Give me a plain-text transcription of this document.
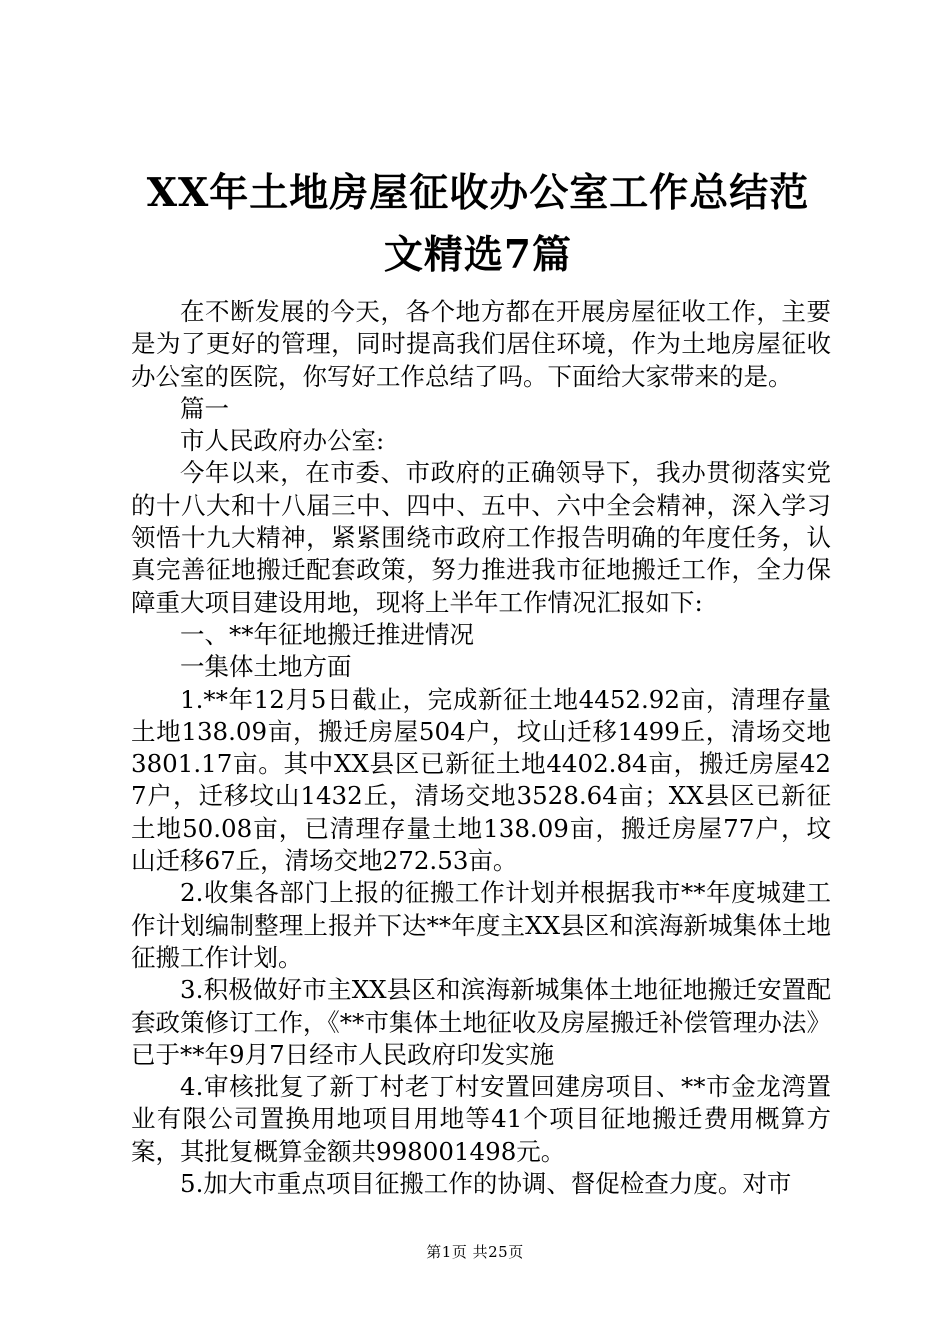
XX年土地房屋征收办公室工作总结范文精选7篇

在不断发展的今天，各个地方都在开展房屋征收工作，主要是为了更好的管理，同时提高我们居住环境，作为土地房屋征收办公室的医院，你写好工作总结了吗。下面给大家带来的是。

篇一

市人民政府办公室:

今年以来，在市委、市政府的正确领导下，我办贯彻落实党的十八大和十八届三中、四中、五中、六中全会精神，深入学习领悟十九大精神，紧紧围绕市政府工作报告明确的年度任务，认真完善征地搬迁配套政策，努力推进我市征地搬迁工作，全力保障重大项目建设用地，现将上半年工作情况汇报如下:

一、**年征地搬迁推进情况

一集体土地方面

1.**年12月5日截止，完成新征土地4452.92亩，清理存量土地138.09亩，搬迁房屋504户，坟山迁移1499丘，清场交地3801.17亩。其中XX县区已新征土地4402.84亩，搬迁房屋427户，迁移坟山1432丘，清场交地3528.64亩；XX县区已新征土地50.08亩，已清理存量土地138.09亩，搬迁房屋77户，坟山迁移67丘，清场交地272.53亩。

2.收集各部门上报的征搬工作计划并根据我市**年度城建工作计划编制整理上报并下达**年度主XX县区和滨海新城集体土地征搬工作计划。

3.积极做好市主XX县区和滨海新城集体土地征地搬迁安置配套政策修订工作，《**市集体土地征收及房屋搬迁补偿管理办法》已于**年9月7日经市人民政府印发实施

4.审核批复了新丁村老丁村安置回建房项目、**市金龙湾置业有限公司置换用地项目用地等41个项目征地搬迁费用概算方案，其批复概算金额共998001498元。

5.加大市重点项目征搬工作的协调、督促检查力度。对市

第1页 共25页
